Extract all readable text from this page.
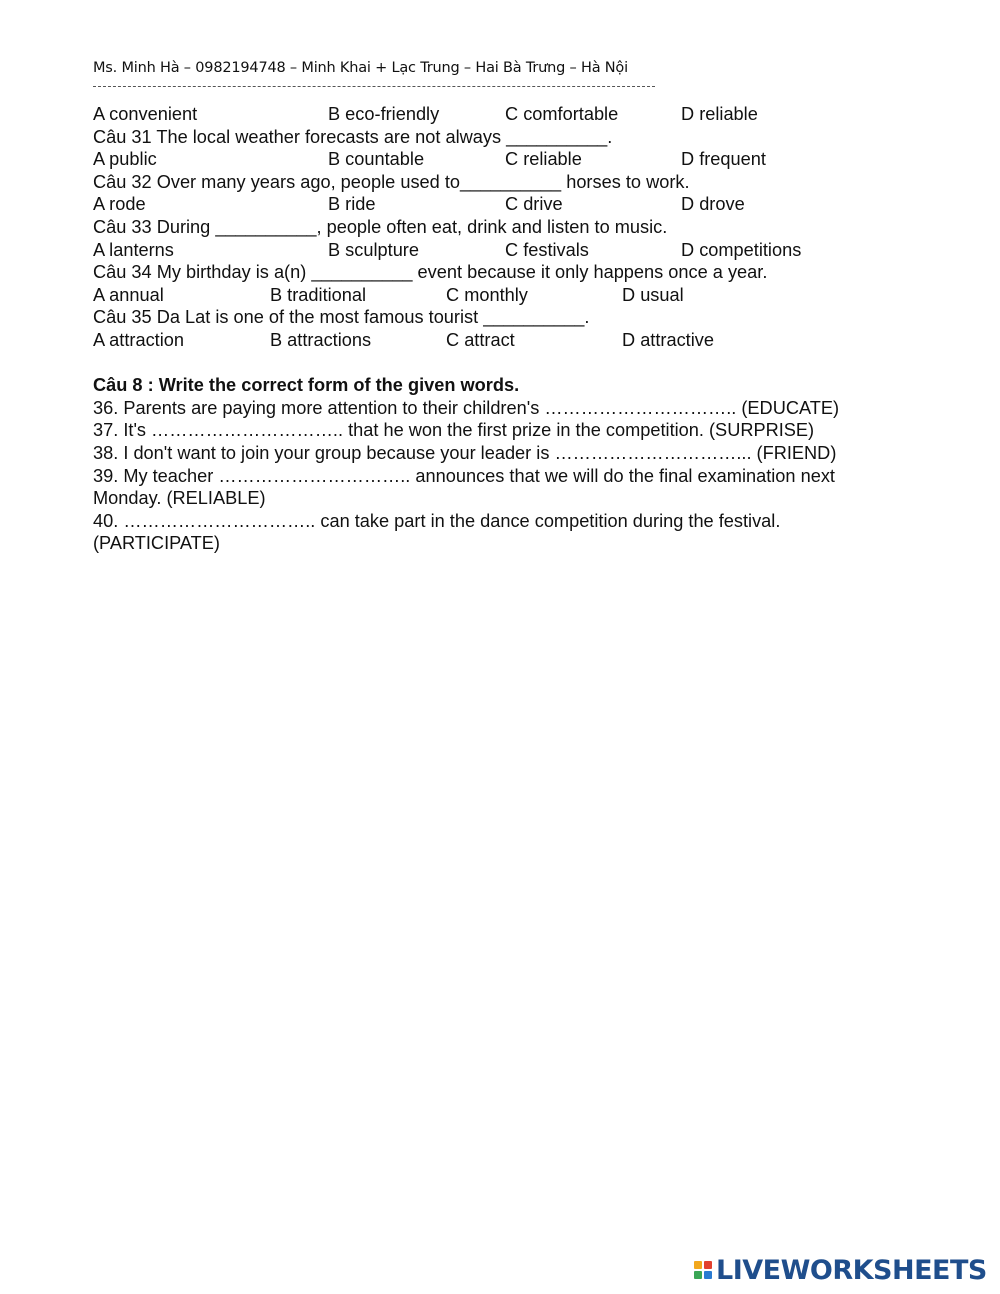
Ms. Minh Hà – 0982194748 – Minh Khai + Lạc Trung – Hai Bà Trưng – Hà Nội
A convenient	B eco-friendly	C comfortable	D reliable
Câu 31 The local weather forecasts are not always __________.
A public	B countable	C reliable	D frequent
Câu 32 Over many years ago, people used to__________ horses to work.
A rode	B ride	C drive	D drove
Câu 33 During __________, people often eat, drink and listen to music.
A lanterns	B sculpture	C festivals	D competitions
Câu 34 My birthday is a(n) __________ event because it only happens once a year.
A annual	B traditional	C monthly	D usual
Câu 35 Da Lat is one of the most famous tourist __________.
A attraction	B attractions	C attract	D attractive
Câu 8 : Write the correct form of the given words.
36. Parents are paying more attention to their children's ………………………….. (EDUCATE)
37. It's ………………………….. that he won the first prize in the competition. (SURPRISE)
38. I don't want to join your group because your leader is …………………………... (FRIEND)
39. My teacher ………………………….. announces that we will do the final examination next
Monday. (RELIABLE)
40. ………………………….. can take part in the dance competition during the festival.
(PARTICIPATE)
LIVEWORKSHEETS
